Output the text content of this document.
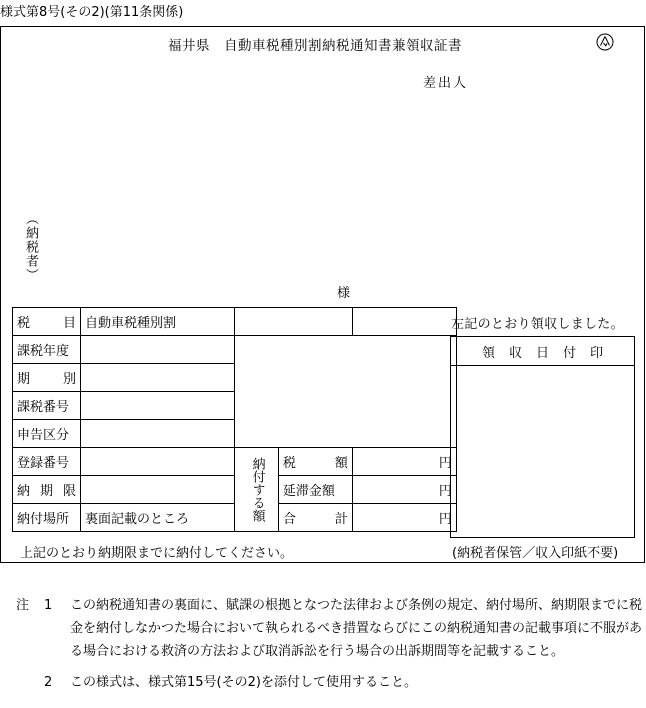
様式第8号(その2)(第11条関係)
福井県　自動車税種別割納税通知書兼領収証書
差出人
（納税者）
様
税　　目	自動車税種別割			
課税年度				
期　　別				
課税番号				
申告区分				
登録番号		納付する額	税　　額	円
納期限			延滞金額	円
納付場所	裏面記載のところ		合　　計	円
左記のとおり領収しました。
領収日付印
上記のとおり納期限までに納付してください。	(納税者保管／収入印紙不要)
注	1	この納税通知書の裏面に、賦課の根拠となつた法律および条例の規定、納付場所、納期限までに税金を納付しなかつた場合において執られるべき措置ならびにこの納税通知書の記載事項に不服がある場合における救済の方法および取消訴訟を行う場合の出訴期間等を記載すること。
2	この様式は、様式第15号(その2)を添付して使用すること。
